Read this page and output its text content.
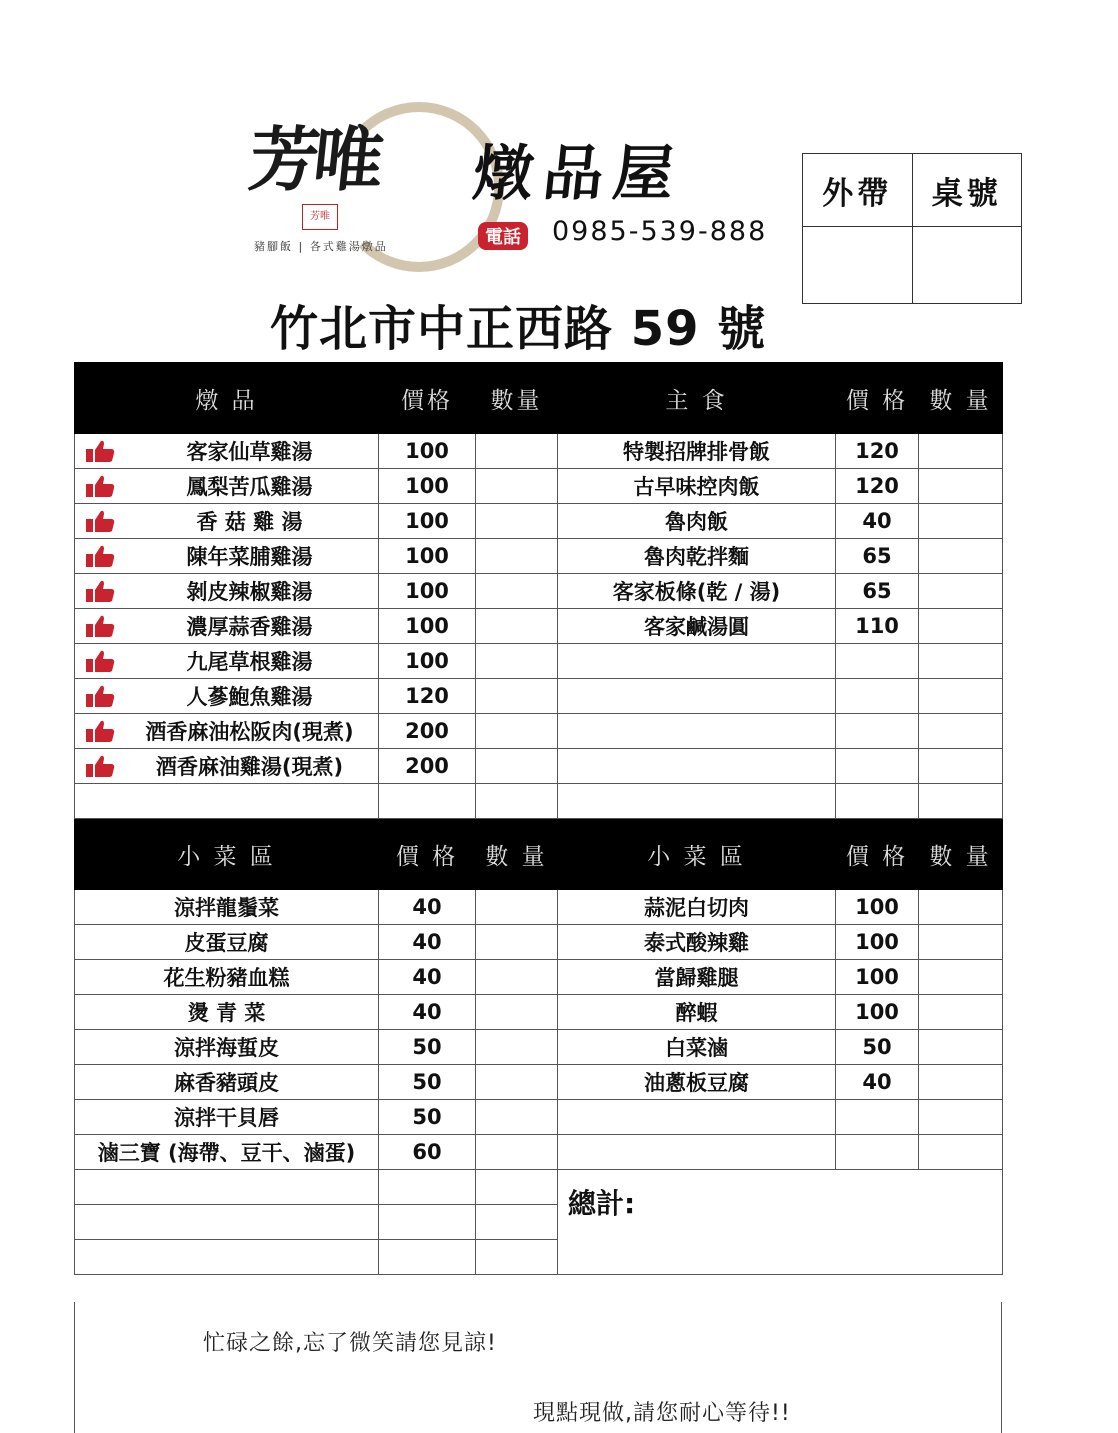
芳唯
芳唯
豬腳飯 | 各式雞湯燉品
燉品屋
電話 0985-539-888
外帶	桌號

竹北市中正西路 59 號
燉 品	價格	數量	主 食	價 格	數 量

客家仙草雞湯	100		特製招牌排骨飯	120	

鳳梨苦瓜雞湯	100		古早味控肉飯	120	

香 菇 雞 湯	100		魯肉飯	40	

陳年菜脯雞湯	100		魯肉乾拌麵	65	

剝皮辣椒雞湯	100		客家板條(乾 / 湯)	65	

濃厚蒜香雞湯	100		客家鹹湯圓	110	

九尾草根雞湯	100				

人蔘鮑魚雞湯	120				

酒香麻油松阪肉(現煮)	200				

酒香麻油雞湯(現煮)	200				

小 菜 區	價 格	數 量	小 菜 區	價 格	數 量
涼拌龍鬚菜	40		蒜泥白切肉	100	
皮蛋豆腐	40		泰式酸辣雞	100	
花生粉豬血糕	40		當歸雞腿	100	
燙 青 菜	40		醉蝦	100	
涼拌海蜇皮	50		白菜滷	50	
麻香豬頭皮	50		油蔥板豆腐	40	
涼拌干貝唇	50				
滷三寶 (海帶、豆干、滷蛋)	60				
			總計:		

忙碌之餘,忘了微笑請您見諒!
現點現做,請您耐心等待!!
